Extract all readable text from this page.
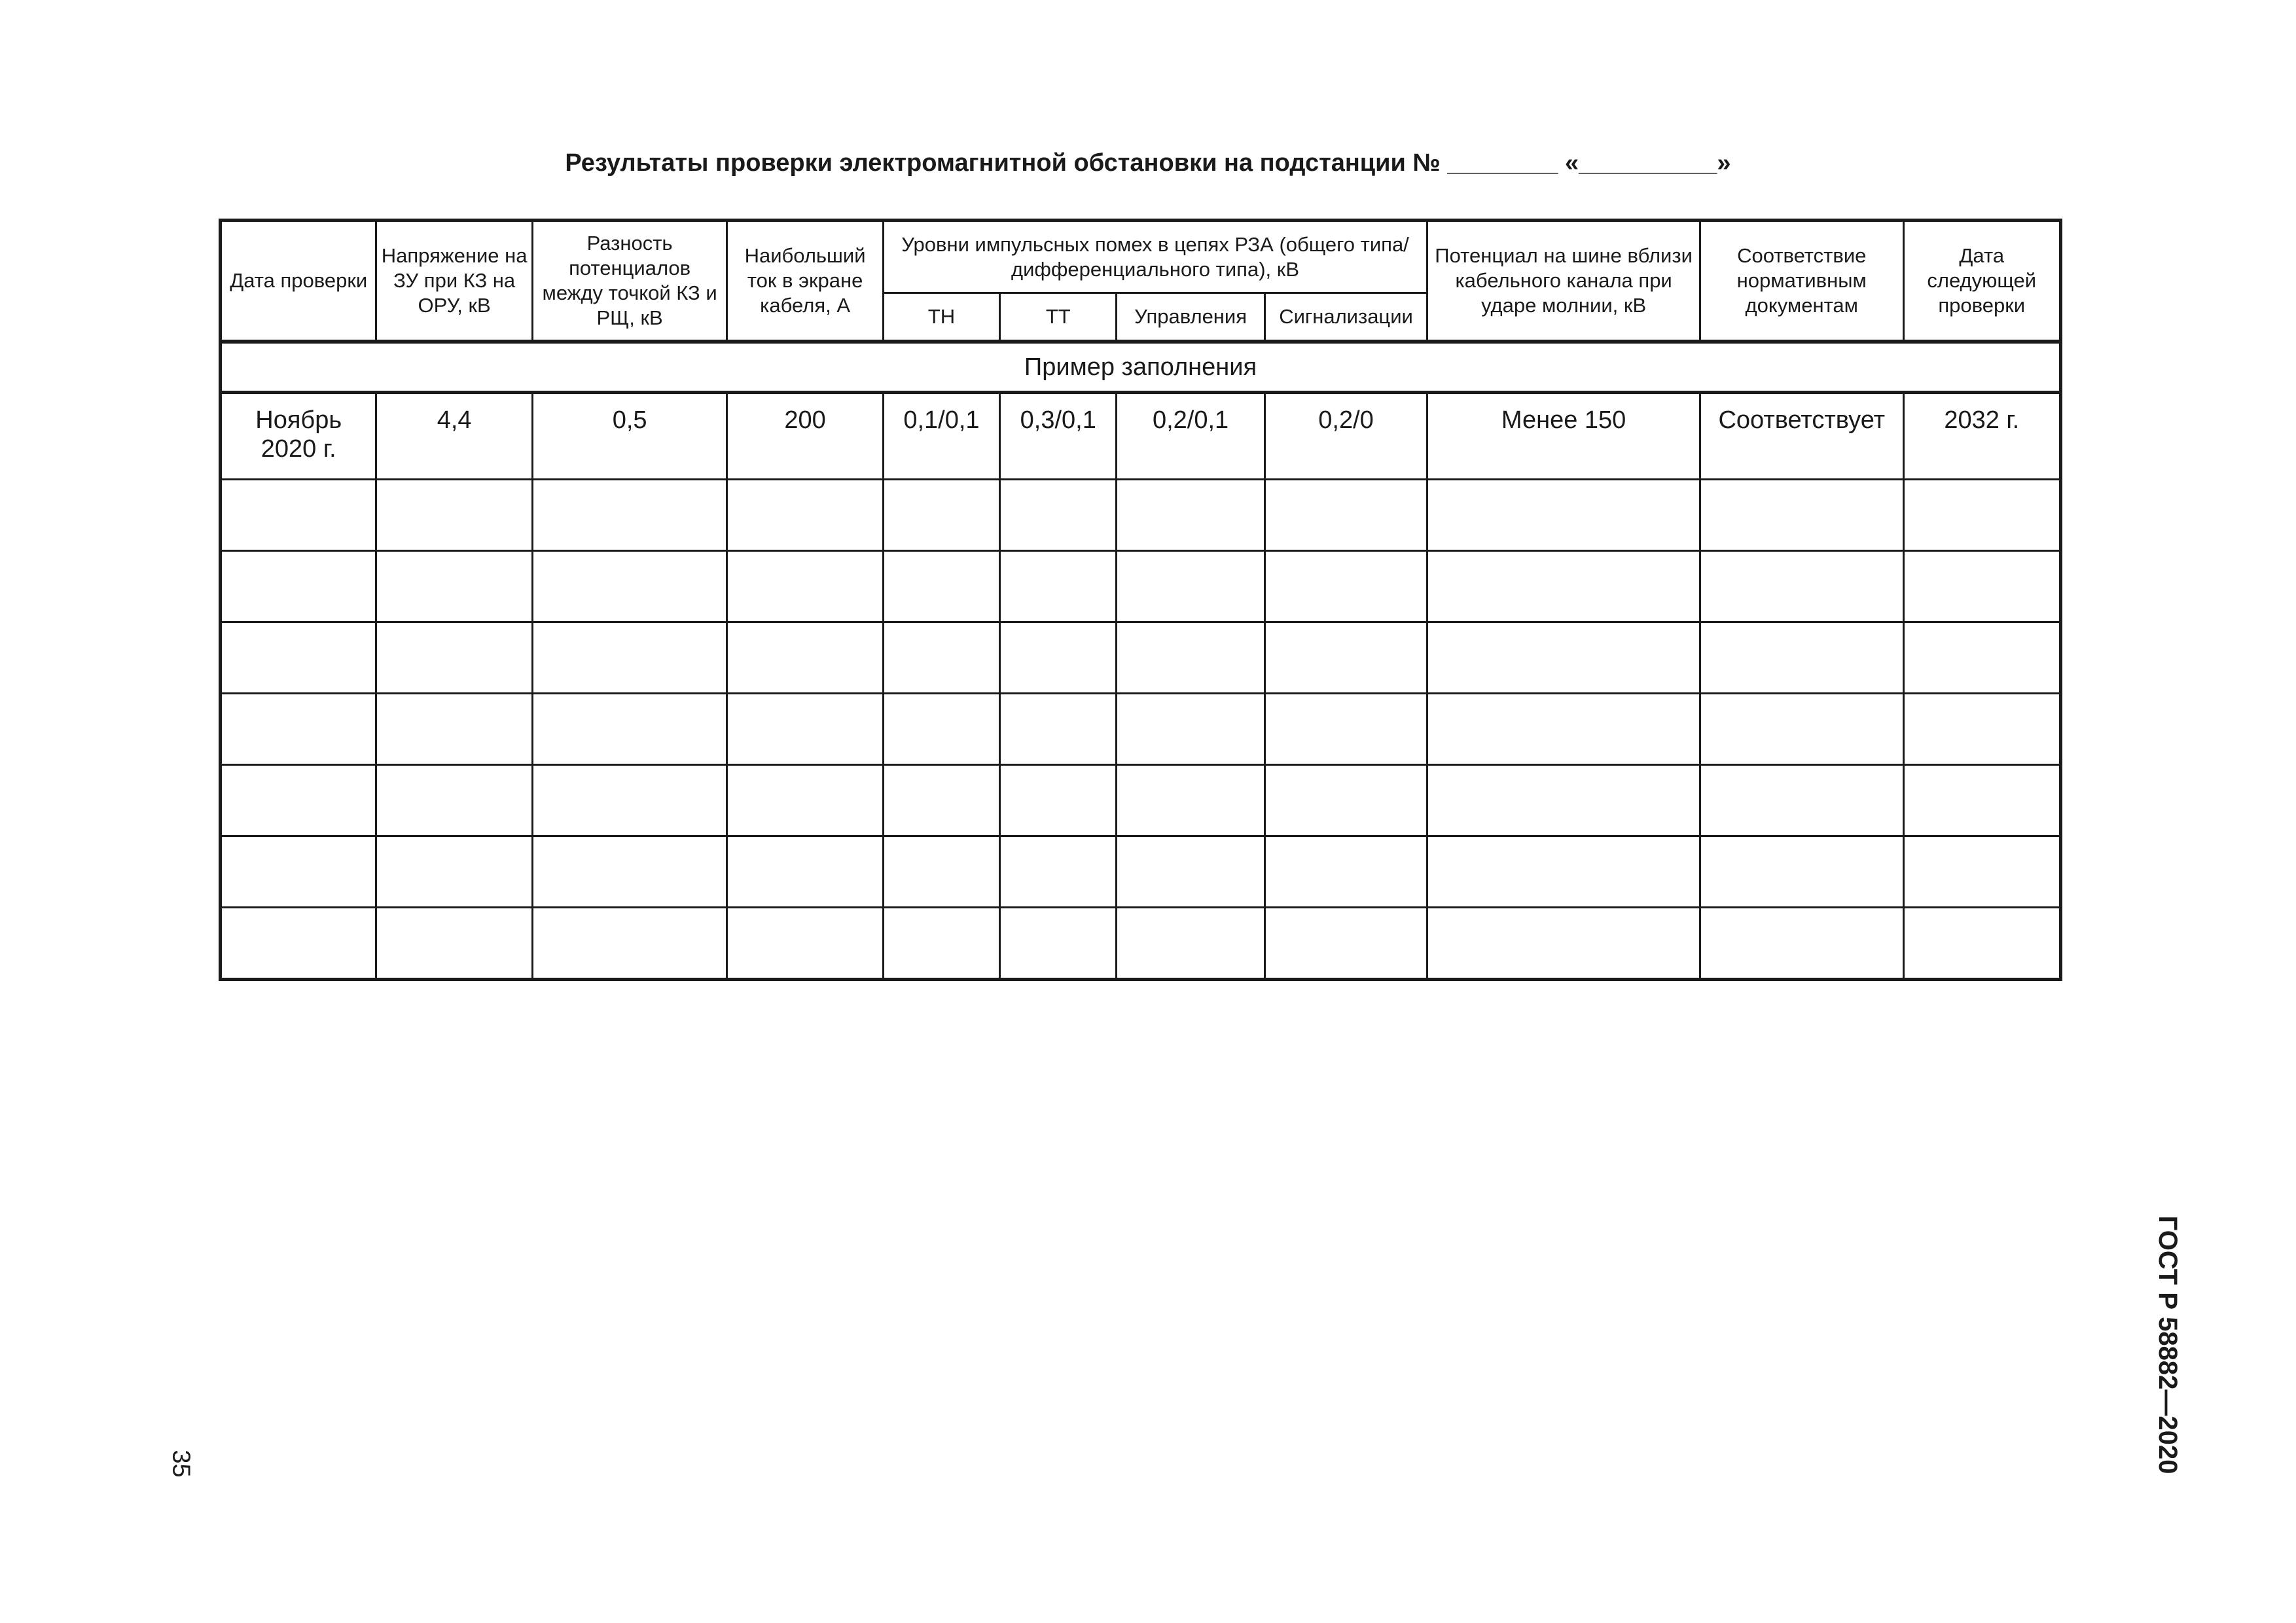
Результаты проверки электромагнитной обстановки на подстанции № ________ «__________»
Дата проверки	Напряжение на ЗУ при КЗ на ОРУ, кВ	Разность потенциалов между точкой КЗ и РЩ, кВ	Наибольший ток в экране кабеля, А	Уровни импульсных помех в цепях РЗА (общего типа/дифференциального типа), кВ				Потенциал на шине вблизи кабельного канала при ударе молнии, кВ	Соответствие нормативным документам	Дата следующей проверки
				ТН	ТТ	Управления	Сигнализации			
Пример заполнения										
Ноябрь 2020 г.	4,4	0,5	200	0,1/0,1	0,3/0,1	0,2/0,1	0,2/0	Менее 150	Соответствует	2032 г.

35	ГОСТ Р 58882—2020
